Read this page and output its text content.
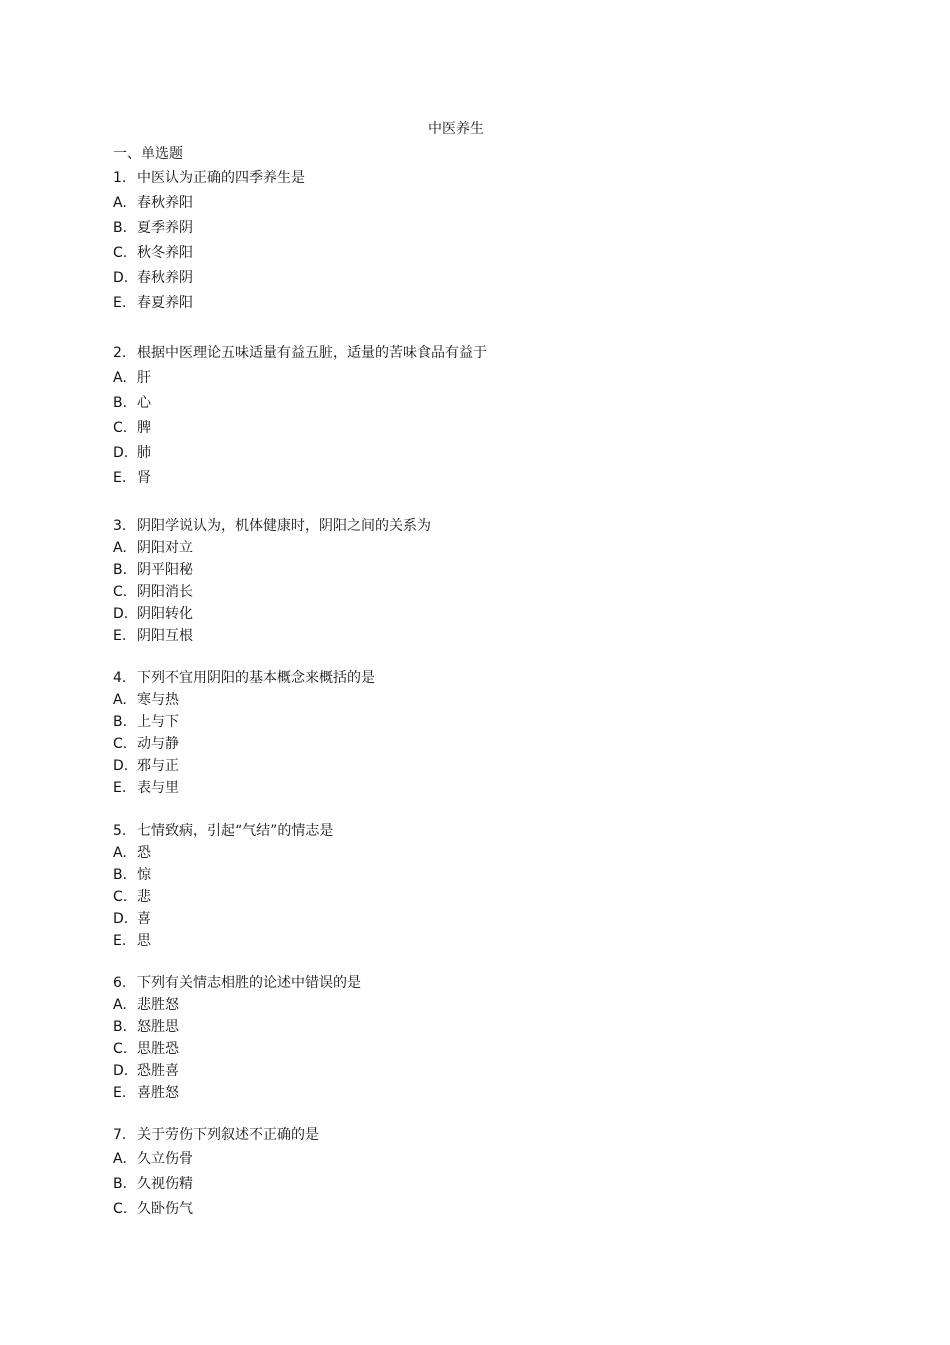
中医养生
一、单选题
1. 中医认为正确的四季养生是
A. 春秋养阳
B. 夏季养阴
C. 秋冬养阳
D. 春秋养阴
E. 春夏养阳
2. 根据中医理论五味适量有益五脏，适量的苦味食品有益于
A. 肝
B. 心
C. 脾
D. 肺
E. 肾
3. 阴阳学说认为，机体健康时，阴阳之间的关系为
A. 阴阳对立
B. 阴平阳秘
C. 阴阳消长
D. 阴阳转化
E. 阴阳互根
4. 下列不宜用阴阳的基本概念来概括的是
A. 寒与热
B. 上与下
C. 动与静
D. 邪与正
E. 表与里
5. 七情致病，引起“气结”的情志是
A. 恐
B. 惊
C. 悲
D. 喜
E. 思
6. 下列有关情志相胜的论述中错误的是
A. 悲胜怒
B. 怒胜思
C. 思胜恐
D. 恐胜喜
E. 喜胜怒
7. 关于劳伤下列叙述不正确的是
A. 久立伤骨
B. 久视伤精
C. 久卧伤气
